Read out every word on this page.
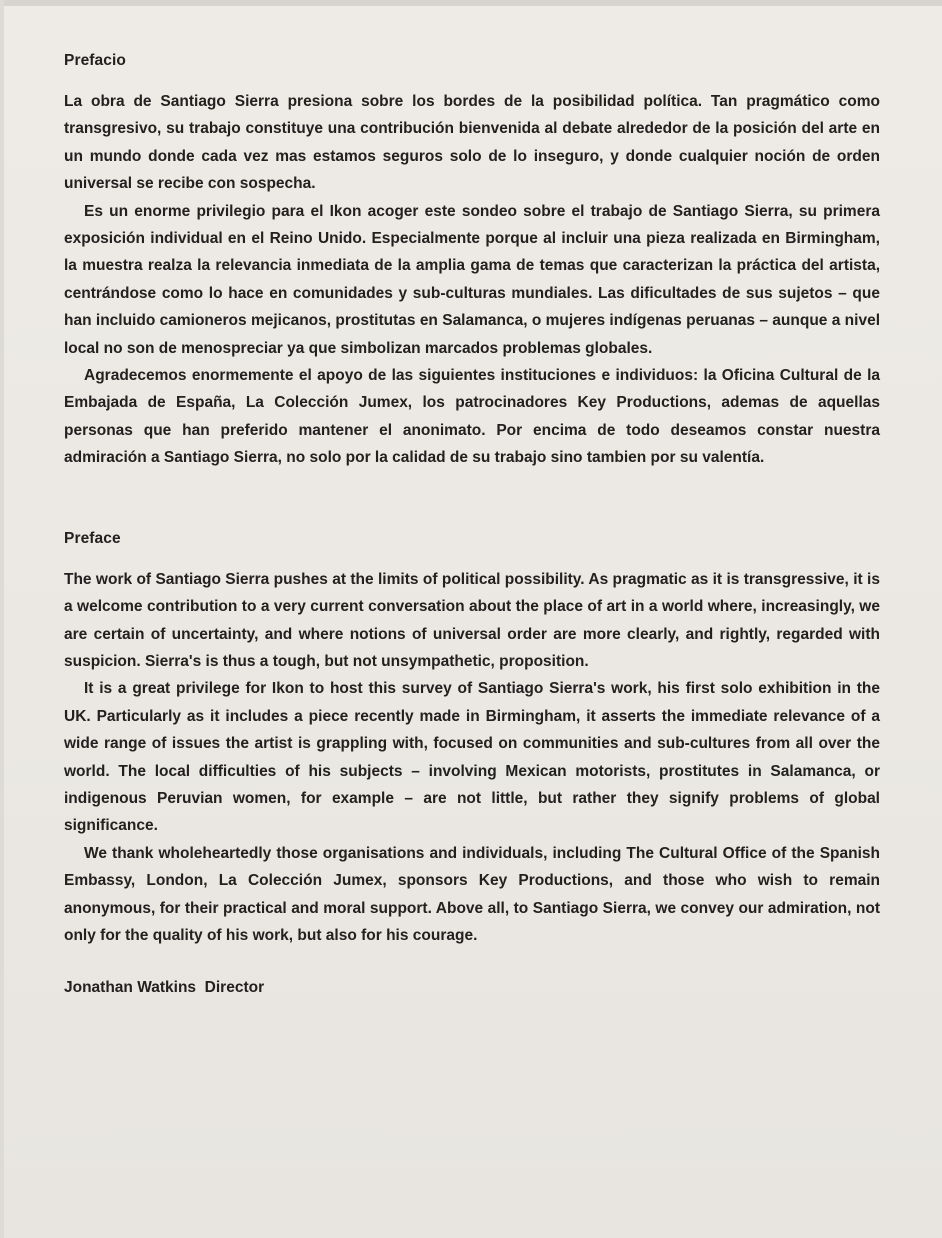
Prefacio

La obra de Santiago Sierra presiona sobre los bordes de la posibilidad política. Tan pragmático como transgresivo, su trabajo constituye una contribución bienvenida al debate alrededor de la posición del arte en un mundo donde cada vez mas estamos seguros solo de lo inseguro, y donde cualquier noción de orden universal se recibe con sospecha.

Es un enorme privilegio para el Ikon acoger este sondeo sobre el trabajo de Santiago Sierra, su primera exposición individual en el Reino Unido. Especialmente porque al incluir una pieza realizada en Birmingham, la muestra realza la relevancia inmediata de la amplia gama de temas que caracterizan la práctica del artista, centrándose como lo hace en comunidades y sub-culturas mundiales. Las dificultades de sus sujetos – que han incluido camioneros mejicanos, prostitutas en Salamanca, o mujeres indígenas peruanas – aunque a nivel local no son de menospreciar ya que simbolizan marcados problemas globales.

Agradecemos enormemente el apoyo de las siguientes instituciones e individuos: la Oficina Cultural de la Embajada de España, La Colección Jumex, los patrocinadores Key Productions, ademas de aquellas personas que han preferido mantener el anonimato. Por encima de todo deseamos constar nuestra admiración a Santiago Sierra, no solo por la calidad de su trabajo sino tambien por su valentía.

Preface

The work of Santiago Sierra pushes at the limits of political possibility. As pragmatic as it is transgressive, it is a welcome contribution to a very current conversation about the place of art in a world where, increasingly, we are certain of uncertainty, and where notions of universal order are more clearly, and rightly, regarded with suspicion. Sierra's is thus a tough, but not unsympathetic, proposition.

It is a great privilege for Ikon to host this survey of Santiago Sierra's work, his first solo exhibition in the UK. Particularly as it includes a piece recently made in Birmingham, it asserts the immediate relevance of a wide range of issues the artist is grappling with, focused on communities and sub-cultures from all over the world. The local difficulties of his subjects – involving Mexican motorists, prostitutes in Salamanca, or indigenous Peruvian women, for example – are not little, but rather they signify problems of global significance.

We thank wholeheartedly those organisations and individuals, including The Cultural Office of the Spanish Embassy, London, La Colección Jumex, sponsors Key Productions, and those who wish to remain anonymous, for their practical and moral support. Above all, to Santiago Sierra, we convey our admiration, not only for the quality of his work, but also for his courage.

Jonathan Watkins  Director
